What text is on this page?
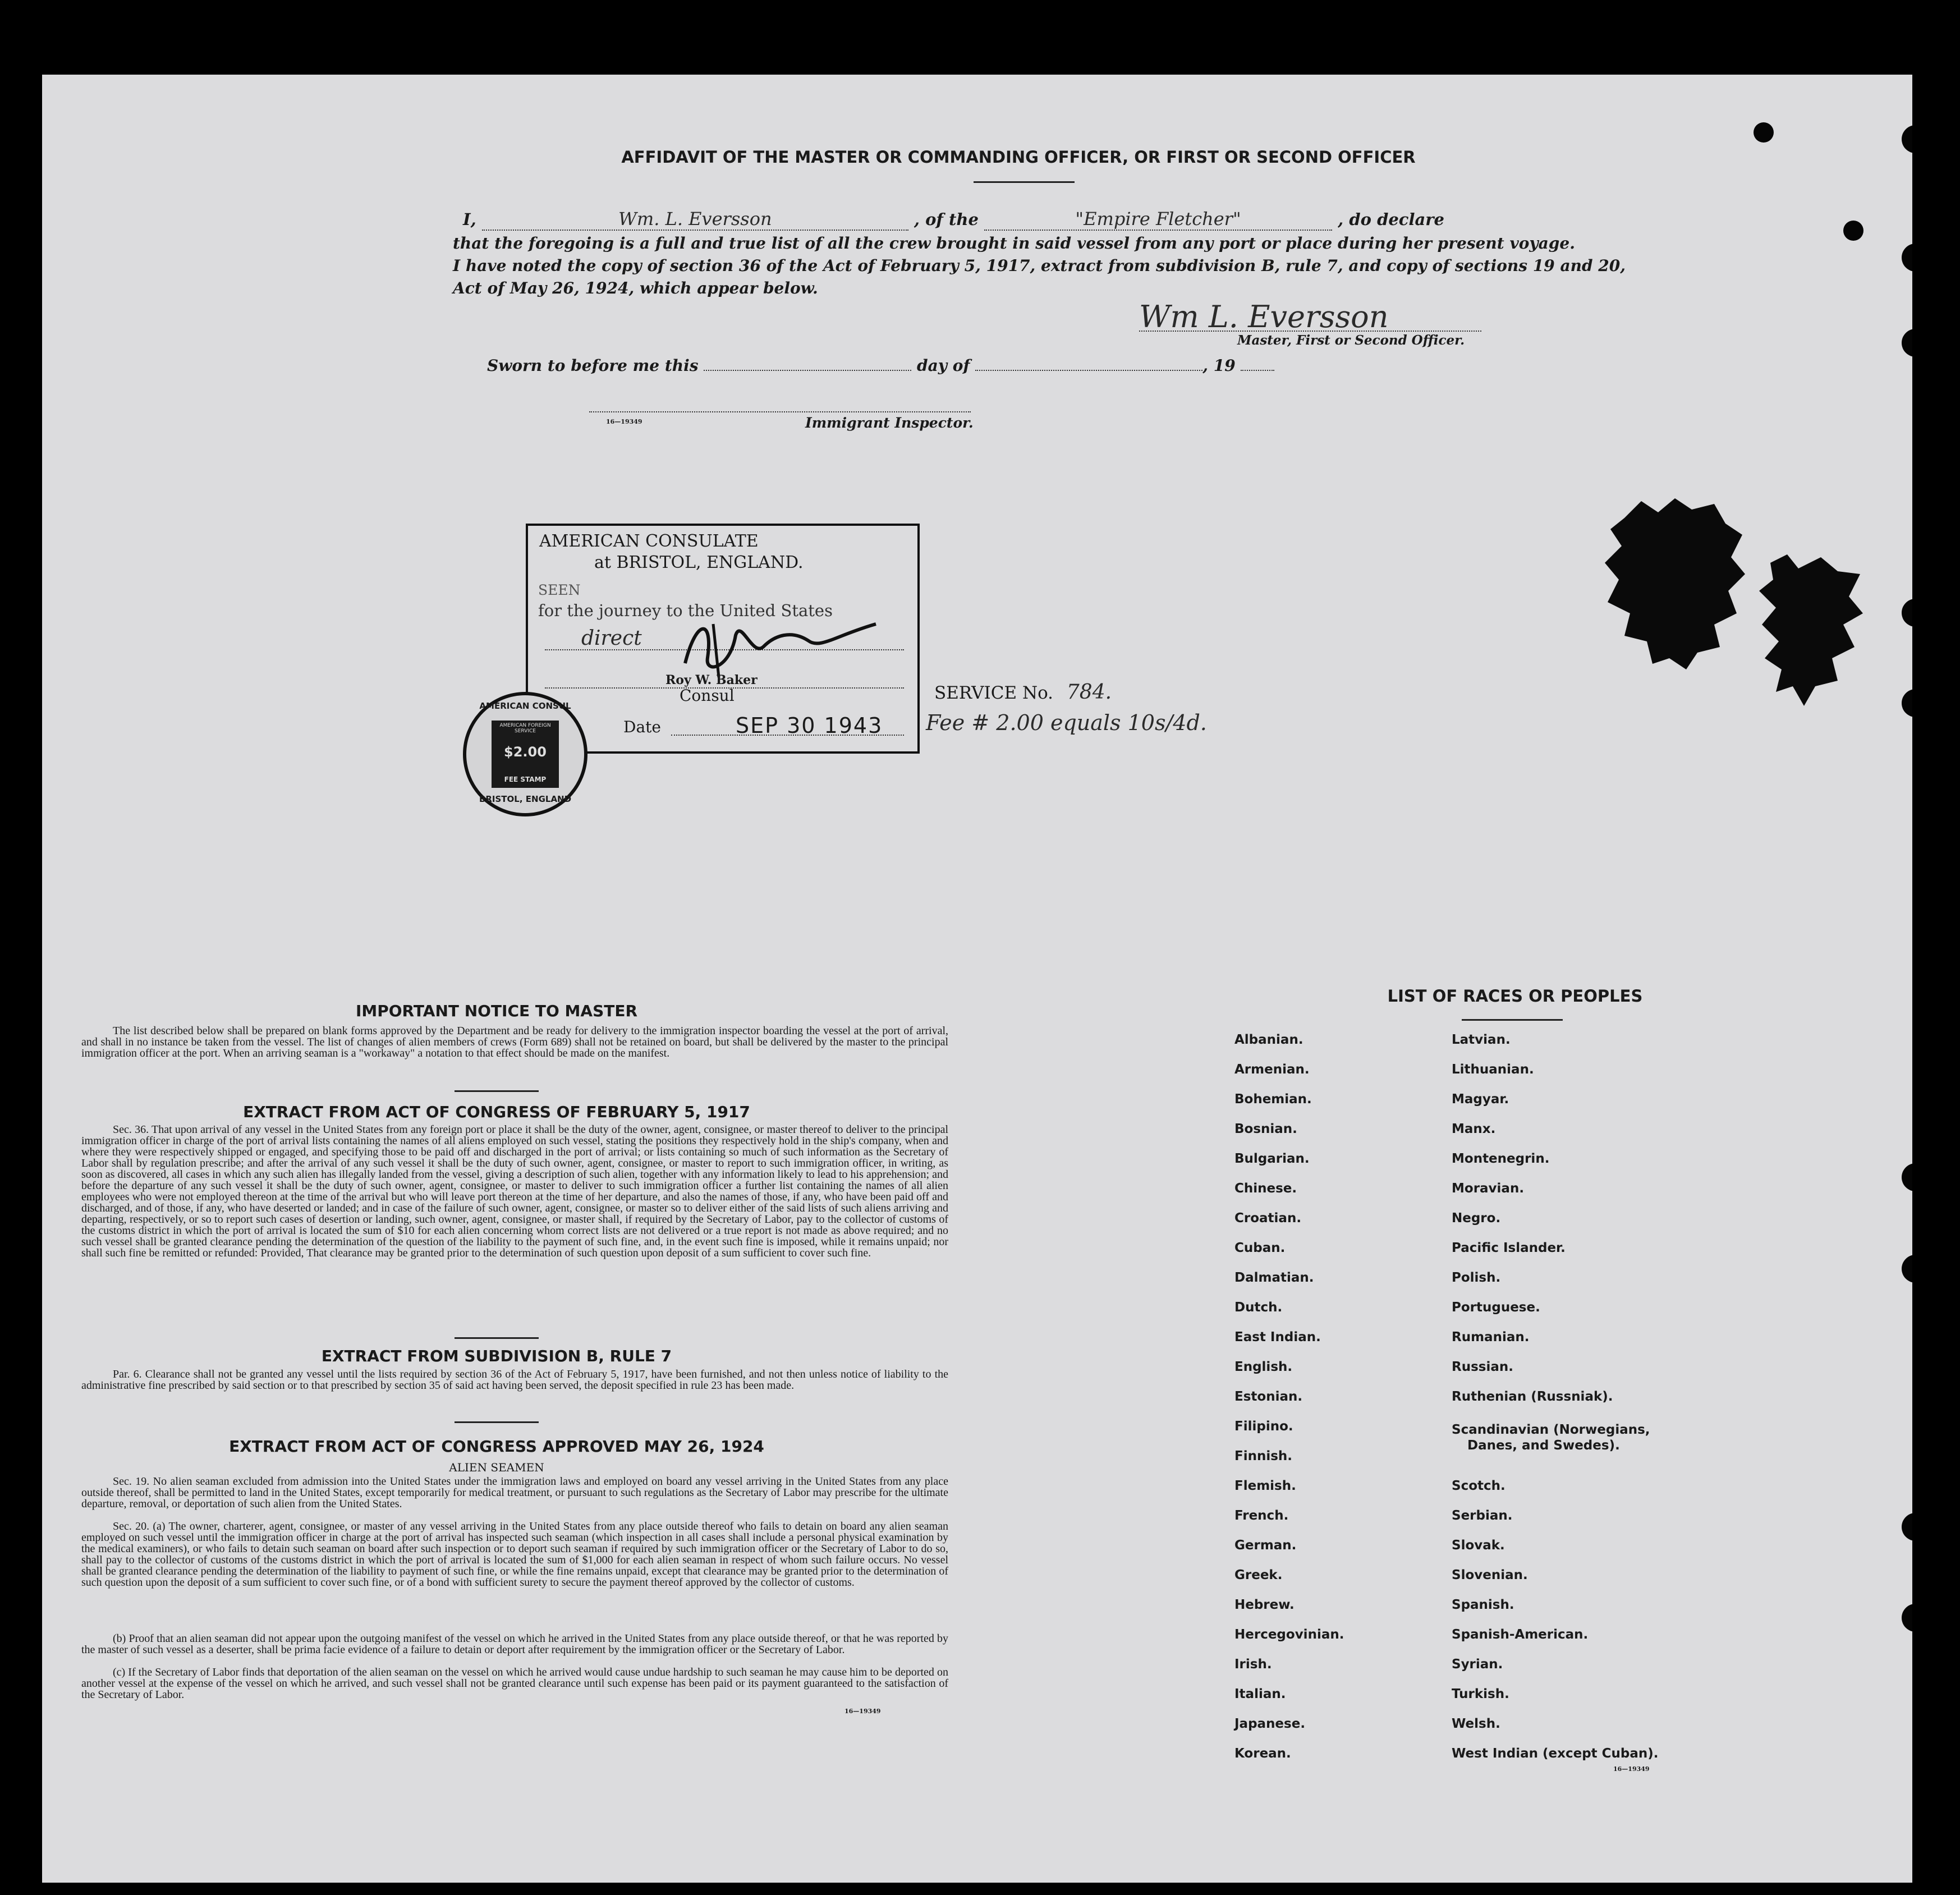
AFFIDAVIT OF THE MASTER OR COMMANDING OFFICER, OR FIRST OR SECOND OFFICER
I,	Wm. L. Eversson	, of the	"Empire Fletcher"	, do declare
that the foregoing is a full and true list of all the crew brought in said vessel from any port or place during her present voyage.
I have noted the copy of section 36 of the Act of February 5, 1917, extract from subdivision B, rule 7, and copy of sections 19 and 20,
Act of May 26, 1924, which appear below.
Wm L. Eversson
Master, First or Second Officer.
Sworn to before me this	day of	, 19
16—19349	Immigrant Inspector.
AMERICAN CONSULATE
at BRISTOL, ENGLAND.
SEEN
for the journey to the United States
direct
Roy W. Baker
Consul
Date	SEP 30 1943
AMERICAN CONSUL
BRISTOL, ENGLAND
AMERICAN FOREIGN SERVICE
$2.00
FEE STAMP
SERVICE No. 784.
Fee # 2.00 equals 10s/4d.
IMPORTANT NOTICE TO MASTER

The list described below shall be prepared on blank forms approved by the Department and be ready for delivery to the immigration inspector boarding the vessel at the port of arrival, and shall in no instance be taken from the vessel. The list of changes of alien members of crews (Form 689) shall not be retained on board, but shall be delivered by the master to the principal immigration officer at the port. When an arriving seaman is a "workaway" a notation to that effect should be made on the manifest.

EXTRACT FROM ACT OF CONGRESS OF FEBRUARY 5, 1917

Sec. 36. That upon arrival of any vessel in the United States from any foreign port or place it shall be the duty of the owner, agent, consignee, or master thereof to deliver to the principal immigration officer in charge of the port of arrival lists containing the names of all aliens employed on such vessel, stating the positions they respectively hold in the ship's company, when and where they were respectively shipped or engaged, and specifying those to be paid off and discharged in the port of arrival; or lists containing so much of such information as the Secretary of Labor shall by regulation prescribe; and after the arrival of any such vessel it shall be the duty of such owner, agent, consignee, or master to report to such immigration officer, in writing, as soon as discovered, all cases in which any such alien has illegally landed from the vessel, giving a description of such alien, together with any information likely to lead to his apprehension; and before the departure of any such vessel it shall be the duty of such owner, agent, consignee, or master to deliver to such immigration officer a further list containing the names of all alien employees who were not employed thereon at the time of the arrival but who will leave port thereon at the time of her departure, and also the names of those, if any, who have been paid off and discharged, and of those, if any, who have deserted or landed; and in case of the failure of such owner, agent, consignee, or master so to deliver either of the said lists of such aliens arriving and departing, respectively, or so to report such cases of desertion or landing, such owner, agent, consignee, or master shall, if required by the Secretary of Labor, pay to the collector of customs of the customs district in which the port of arrival is located the sum of $10 for each alien concerning whom correct lists are not delivered or a true report is not made as above required; and no such vessel shall be granted clearance pending the determination of the question of the liability to the payment of such fine, and, in the event such fine is imposed, while it remains unpaid; nor shall such fine be remitted or refunded: Provided, That clearance may be granted prior to the determination of such question upon deposit of a sum sufficient to cover such fine.

EXTRACT FROM SUBDIVISION B, RULE 7

Par. 6. Clearance shall not be granted any vessel until the lists required by section 36 of the Act of February 5, 1917, have been furnished, and not then unless notice of liability to the administrative fine prescribed by said section or to that prescribed by section 35 of said act having been served, the deposit specified in rule 23 has been made.

EXTRACT FROM ACT OF CONGRESS APPROVED MAY 26, 1924
ALIEN SEAMEN

Sec. 19. No alien seaman excluded from admission into the United States under the immigration laws and employed on board any vessel arriving in the United States from any place outside thereof, shall be permitted to land in the United States, except temporarily for medical treatment, or pursuant to such regulations as the Secretary of Labor may prescribe for the ultimate departure, removal, or deportation of such alien from the United States.

Sec. 20. (a) The owner, charterer, agent, consignee, or master of any vessel arriving in the United States from any place outside thereof who fails to detain on board any alien seaman employed on such vessel until the immigration officer in charge at the port of arrival has inspected such seaman (which inspection in all cases shall include a personal physical examination by the medical examiners), or who fails to detain such seaman on board after such inspection or to deport such seaman if required by such immigration officer or the Secretary of Labor to do so, shall pay to the collector of customs of the customs district in which the port of arrival is located the sum of $1,000 for each alien seaman in respect of whom such failure occurs. No vessel shall be granted clearance pending the determination of the liability to payment of such fine, or while the fine remains unpaid, except that clearance may be granted prior to the determination of such question upon the deposit of a sum sufficient to cover such fine, or of a bond with sufficient surety to secure the payment thereof approved by the collector of customs.

(b) Proof that an alien seaman did not appear upon the outgoing manifest of the vessel on which he arrived in the United States from any place outside thereof, or that he was reported by the master of such vessel as a deserter, shall be prima facie evidence of a failure to detain or deport after requirement by the immigration officer or the Secretary of Labor.

(c) If the Secretary of Labor finds that deportation of the alien seaman on the vessel on which he arrived would cause undue hardship to such seaman he may cause him to be deported on another vessel at the expense of the vessel on which he arrived, and such vessel shall not be granted clearance until such expense has been paid or its payment guaranteed to the satisfaction of the Secretary of Labor.

16—19349
LIST OF RACES OR PEOPLES
Albanian.
Armenian.
Bohemian.
Bosnian.
Bulgarian.
Chinese.
Croatian.
Cuban.
Dalmatian.
Dutch.
East Indian.
English.
Estonian.
Filipino.
Finnish.
Flemish.
French.
German.
Greek.
Hebrew.
Hercegovinian.
Irish.
Italian.
Japanese.
Korean.
Latvian.
Lithuanian.
Magyar.
Manx.
Montenegrin.
Moravian.
Negro.
Pacific Islander.
Polish.
Portuguese.
Rumanian.
Russian.
Ruthenian (Russniak).
Scandinavian (Norwegians,
Danes, and Swedes).
Scotch.
Serbian.
Slovak.
Slovenian.
Spanish.
Spanish-American.
Syrian.
Turkish.
Welsh.
West Indian (except Cuban).
16—19349
